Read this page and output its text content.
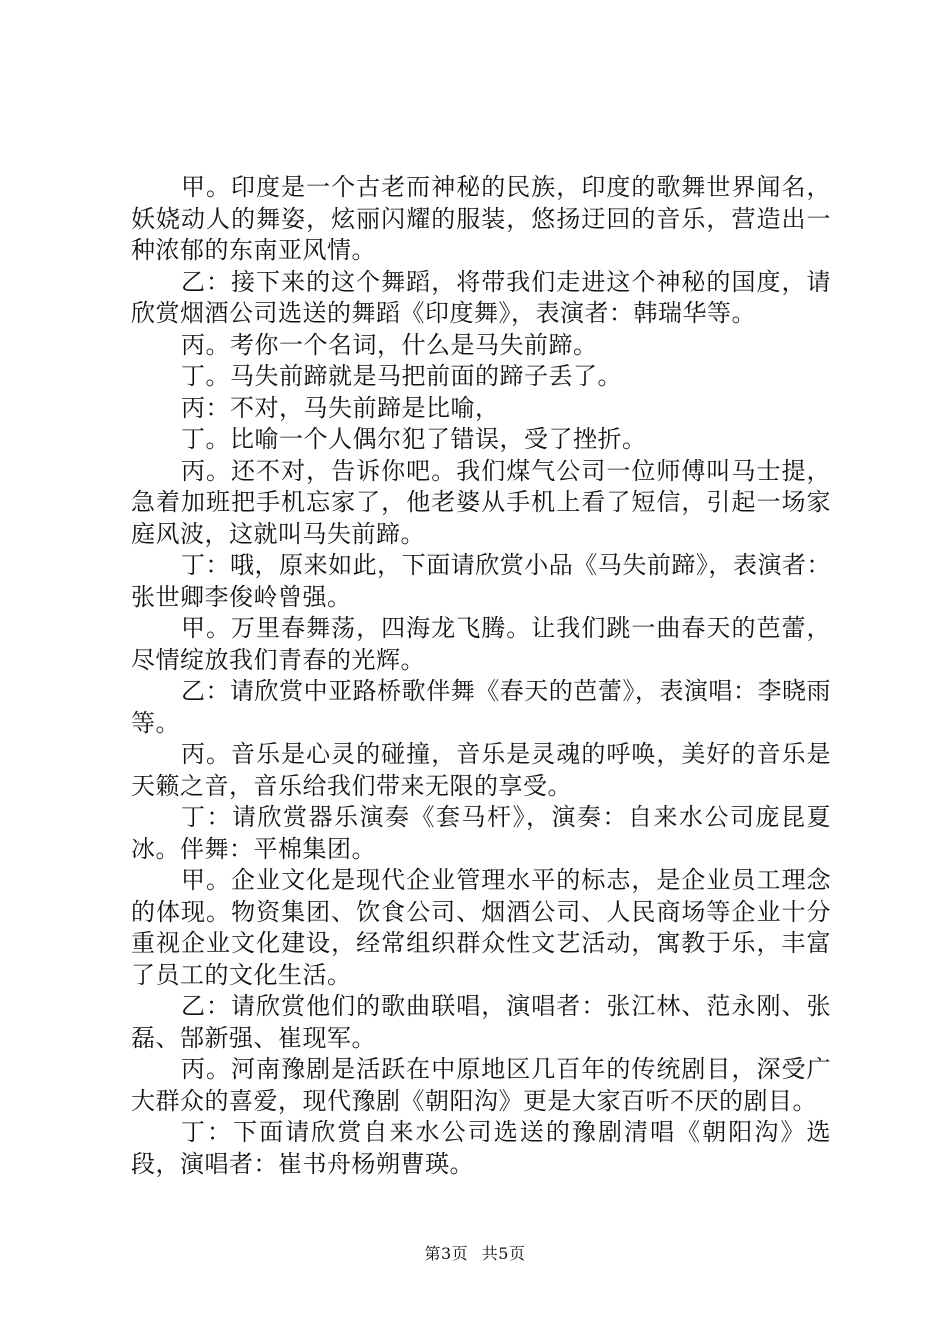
甲。印度是一个古老而神秘的民族，印度的歌舞世界闻名，妖娆动人的舞姿，炫丽闪耀的服装，悠扬迂回的音乐，营造出一种浓郁的东南亚风情。

乙：接下来的这个舞蹈，将带我们走进这个神秘的国度，请欣赏烟酒公司选送的舞蹈《印度舞》，表演者：韩瑞华等。

丙。考你一个名词，什么是马失前蹄。

丁。马失前蹄就是马把前面的蹄子丢了。

丙：不对，马失前蹄是比喻，

丁。比喻一个人偶尔犯了错误，受了挫折。

丙。还不对，告诉你吧。我们煤气公司一位师傅叫马士提，急着加班把手机忘家了，他老婆从手机上看了短信，引起一场家庭风波，这就叫马失前蹄。

丁：哦，原来如此，下面请欣赏小品《马失前蹄》，表演者：张世卿李俊岭曾强。

甲。万里春舞荡，四海龙飞腾。让我们跳一曲春天的芭蕾，尽情绽放我们青春的光辉。

乙：请欣赏中亚路桥歌伴舞《春天的芭蕾》，表演唱：李晓雨等。

丙。音乐是心灵的碰撞，音乐是灵魂的呼唤，美好的音乐是天籁之音，音乐给我们带来无限的享受。

丁：请欣赏器乐演奏《套马杆》，演奏：自来水公司庞昆夏冰。伴舞：平棉集团。

甲。企业文化是现代企业管理水平的标志，是企业员工理念的体现。物资集团、饮食公司、烟酒公司、人民商场等企业十分重视企业文化建设，经常组织群众性文艺活动，寓教于乐，丰富了员工的文化生活。

乙：请欣赏他们的歌曲联唱，演唱者：张江林、范永刚、张磊、郜新强、崔现军。

丙。河南豫剧是活跃在中原地区几百年的传统剧目，深受广大群众的喜爱，现代豫剧《朝阳沟》更是大家百听不厌的剧目。

丁：下面请欣赏自来水公司选送的豫剧清唱《朝阳沟》选段，演唱者：崔书舟杨朔曹瑛。

第3页 共5页
